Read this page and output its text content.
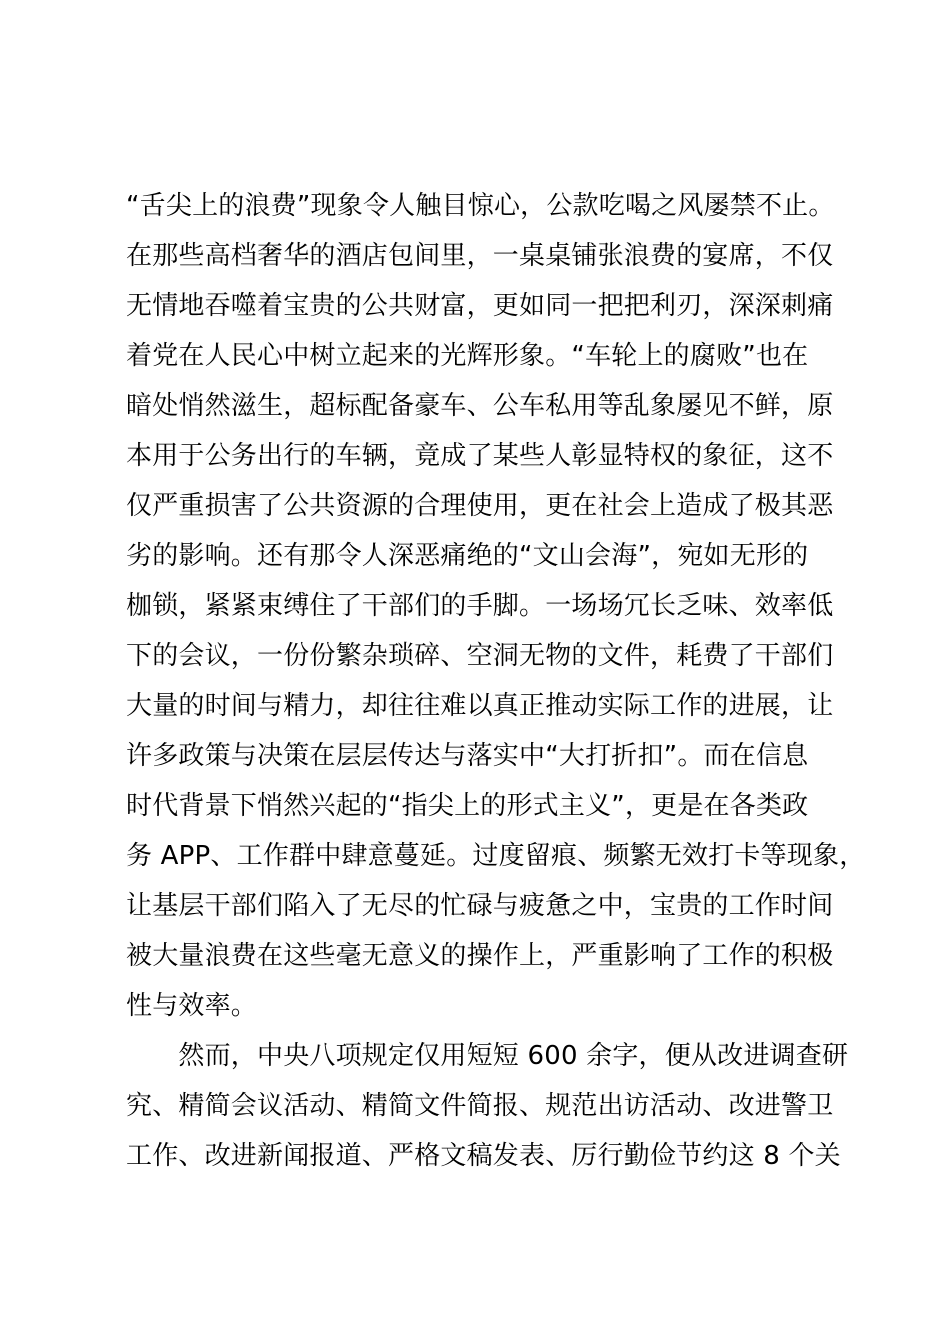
“舌尖上的浪费”现象令人触目惊心，公款吃喝之风屡禁不止。

在那些高档奢华的酒店包间里，一桌桌铺张浪费的宴席，不仅

无情地吞噬着宝贵的公共财富，更如同一把把利刃，深深刺痛

着党在人民心中树立起来的光辉形象。“车轮上的腐败”也在

暗处悄然滋生，超标配备豪车、公车私用等乱象屡见不鲜，原

本用于公务出行的车辆，竟成了某些人彰显特权的象征，这不

仅严重损害了公共资源的合理使用，更在社会上造成了极其恶

劣的影响。还有那令人深恶痛绝的“文山会海”，宛如无形的

枷锁，紧紧束缚住了干部们的手脚。一场场冗长乏味、效率低

下的会议，一份份繁杂琐碎、空洞无物的文件，耗费了干部们

大量的时间与精力，却往往难以真正推动实际工作的进展，让

许多政策与决策在层层传达与落实中“大打折扣”。而在信息

时代背景下悄然兴起的“指尖上的形式主义”，更是在各类政

务 APP、工作群中肆意蔓延。过度留痕、频繁无效打卡等现象，

让基层干部们陷入了无尽的忙碌与疲惫之中，宝贵的工作时间

被大量浪费在这些毫无意义的操作上，严重影响了工作的积极

性与效率。

　　然而，中央八项规定仅用短短 600 余字，便从改进调查研

究、精简会议活动、精简文件简报、规范出访活动、改进警卫

工作、改进新闻报道、严格文稿发表、厉行勤俭节约这 8 个关
